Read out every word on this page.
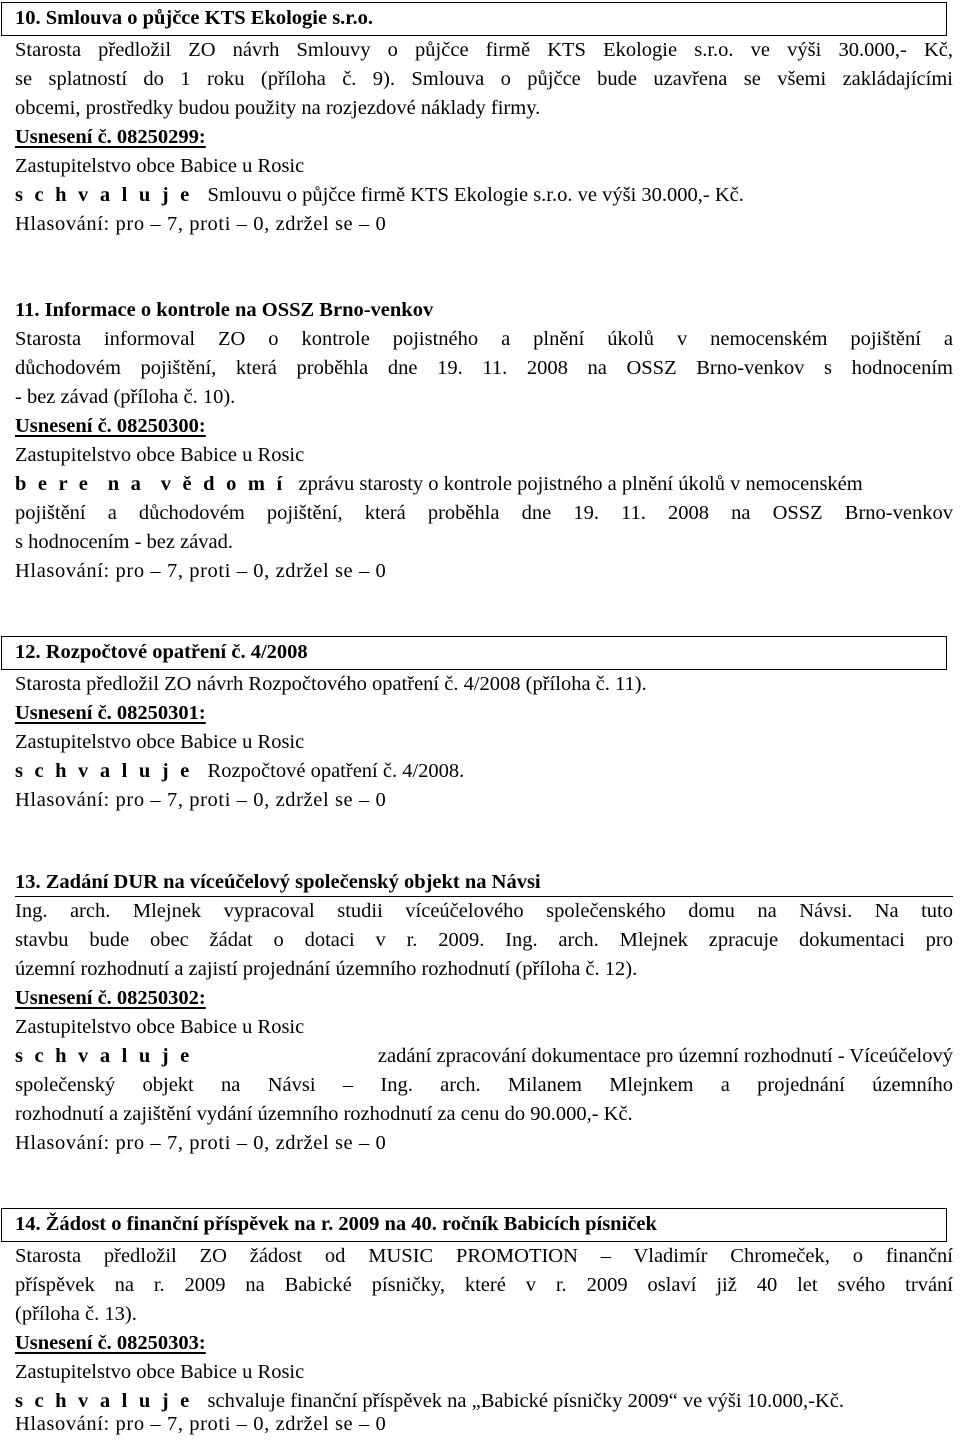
10. Smlouva o půjčce KTS Ekologie s.r.o.
Starosta předložil ZO návrh Smlouvy o půjčce firmě KTS Ekologie s.r.o. ve výši 30.000,- Kč,
se splatností do 1 roku (příloha č. 9). Smlouva o půjčce bude uzavřena se všemi zakládajícími
obcemi, prostředky budou použity na rozjezdové náklady firmy.
Usnesení č. 08250299:
Zastupitelstvo obce Babice u Rosic
s c h v a l u j e Smlouvu o půjčce firmě KTS Ekologie s.r.o. ve výši 30.000,- Kč.
Hlasování: pro – 7, proti – 0, zdržel se – 0
11. Informace o kontrole na OSSZ Brno-venkov
Starosta informoval ZO o kontrole pojistného a plnění úkolů v nemocenském pojištění a
důchodovém pojištění, která proběhla dne 19. 11. 2008 na OSSZ Brno-venkov s hodnocením
- bez závad (příloha č. 10).
Usnesení č. 08250300:
Zastupitelstvo obce Babice u Rosic
b e r e  n a  v ě d o m í zprávu starosty o kontrole pojistného a plnění úkolů v nemocenském
pojištění a důchodovém pojištění, která proběhla dne 19. 11. 2008 na OSSZ Brno-venkov
s hodnocením - bez závad.
Hlasování: pro – 7, proti – 0, zdržel se – 0
12. Rozpočtové opatření č. 4/2008
Starosta předložil ZO návrh Rozpočtového opatření č. 4/2008 (příloha č. 11).
Usnesení č. 08250301:
Zastupitelstvo obce Babice u Rosic
s c h v a l u j e Rozpočtové opatření č. 4/2008.
Hlasování: pro – 7, proti – 0, zdržel se – 0
13. Zadání DUR na víceúčelový společenský objekt na Návsi
Ing. arch. Mlejnek vypracoval studii víceúčelového společenského domu na Návsi. Na tuto
stavbu bude obec žádat o dotaci v r. 2009. Ing. arch. Mlejnek zpracuje dokumentaci pro
územní rozhodnutí a zajistí projednání územního rozhodnutí (příloha č. 12).
Usnesení č. 08250302:
Zastupitelstvo obce Babice u Rosic
s c h v a l u j e	zadání zpracování dokumentace pro územní rozhodnutí - Víceúčelový
společenský objekt na Návsi – Ing. arch. Milanem Mlejnkem a projednání územního
rozhodnutí a zajištění vydání územního rozhodnutí za cenu do 90.000,- Kč.
Hlasování: pro – 7, proti – 0, zdržel se – 0
14. Žádost o finanční příspěvek na r. 2009 na 40. ročník Babicích písniček
Starosta předložil ZO žádost od MUSIC PROMOTION – Vladimír Chromeček, o finanční
příspěvek na r. 2009 na Babické písničky, které v r. 2009 oslaví již 40 let svého trvání
(příloha č. 13).
Usnesení č. 08250303:
Zastupitelstvo obce Babice u Rosic
s c h v a l u j e schvaluje finanční příspěvek na „Babické písničky 2009“ ve výši 10.000,-Kč.
Hlasování: pro – 7, proti – 0, zdržel se – 0
